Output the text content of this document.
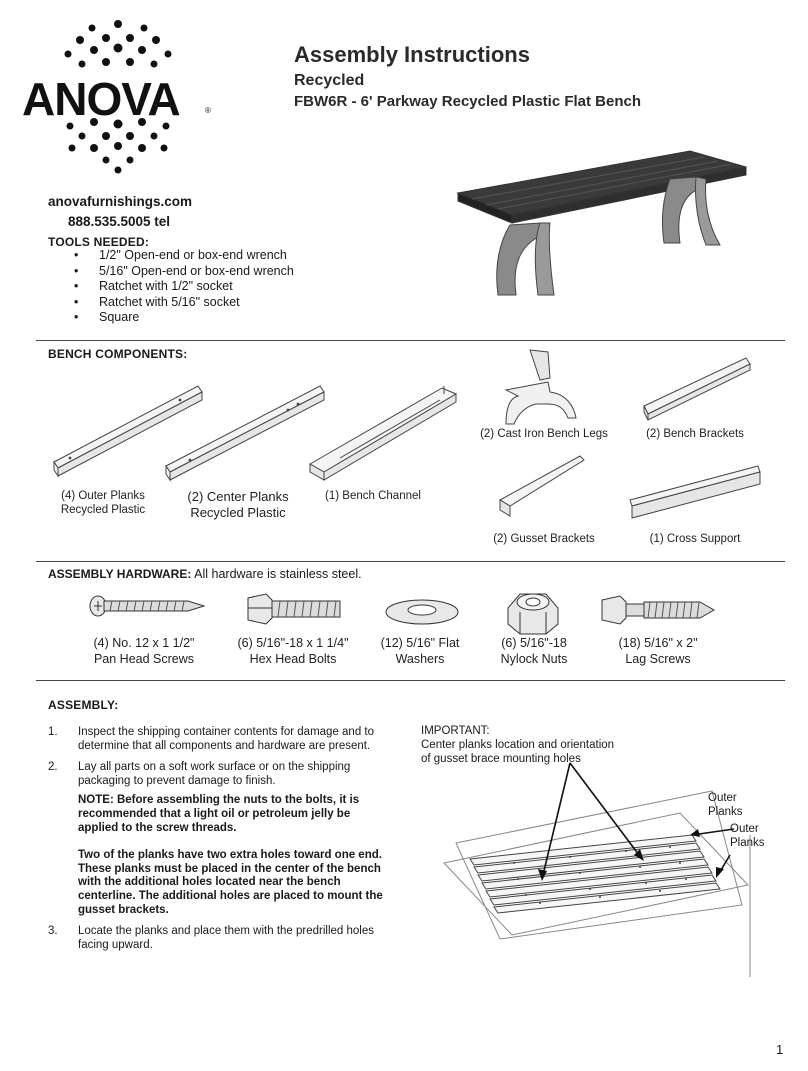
ANOVA	®
Assembly Instructions
Recycled
FBW6R - 6' Parkway Recycled Plastic Flat Bench
anovafurnishings.com
888.535.5005 tel
TOOLS NEEDED:
• 1/2" Open-end or box-end wrench
• 5/16" Open-end or box-end wrench
• Ratchet with 1/2" socket
• Ratchet with 5/16" socket
• Square
BENCH COMPONENTS:
(4) Outer Planks
Recycled Plastic
(2) Center Planks
Recycled Plastic
(1) Bench Channel
(2) Cast Iron Bench Legs	(2) Bench Brackets
(2) Gusset Brackets	(1) Cross Support
ASSEMBLY HARDWARE: All hardware is stainless steel.
(4) No. 12 x 1 1/2"
Pan Head Screws
(6) 5/16"-18 x 1 1/4"
Hex Head Bolts
(12) 5/16" Flat
Washers
(6) 5/16"-18
Nylock Nuts
(18) 5/16" x 2"
Lag Screws
ASSEMBLY:
1. Inspect the shipping container contents for damage and to determine that all components and hardware are present.
2. Lay all parts on a soft work surface or on the shipping packaging to prevent damage to finish.
NOTE: Before assembling the nuts to the bolts, it is recommended that a light oil or petroleum jelly be applied to the screw threads.
Two of the planks have two extra holes toward one end. These planks must be placed in the center of the bench with the additional holes located near the bench centerline. The additional holes are placed to mount the gusset brackets.
3. Locate the planks and place them with the predrilled holes facing upward.
IMPORTANT:
Center planks location and orientation of gusset brace mounting holes
Outer
Planks
Outer
Planks
1
